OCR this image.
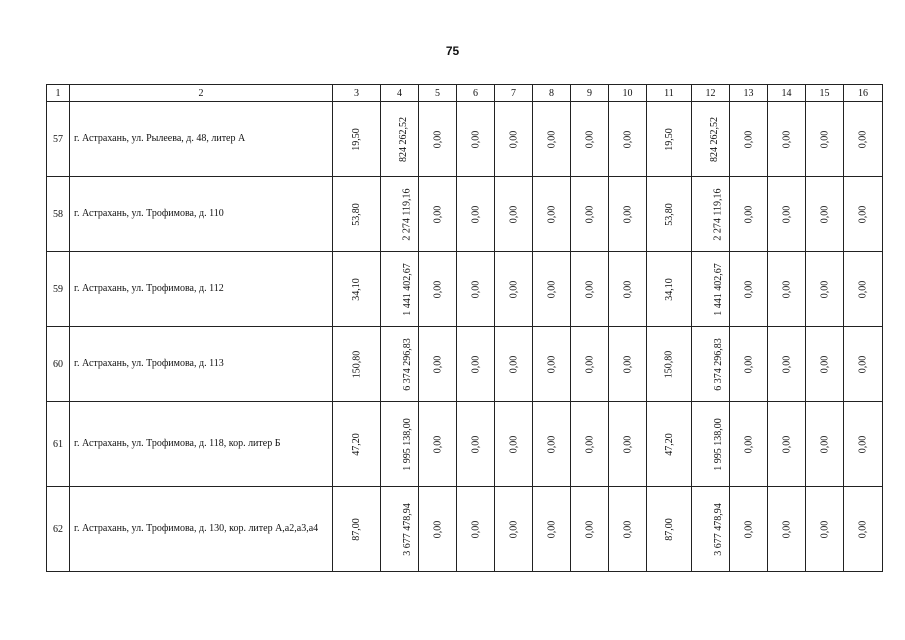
75
1	2	3	4	5	6	7	8	9	10	11	12	13	14	15	16
57	г. Астрахань, ул. Рылеева, д. 48, литер А	19,50	824 262,52	0,00	0,00	0,00	0,00	0,00	0,00	19,50	824 262,52	0,00	0,00	0,00	0,00
58	г. Астрахань, ул. Трофимова, д. 110	53,80	2 274 119,16	0,00	0,00	0,00	0,00	0,00	0,00	53,80	2 274 119,16	0,00	0,00	0,00	0,00
59	г. Астрахань, ул. Трофимова, д. 112	34,10	1 441 402,67	0,00	0,00	0,00	0,00	0,00	0,00	34,10	1 441 402,67	0,00	0,00	0,00	0,00
60	г. Астрахань, ул. Трофимова, д. 113	150,80	6 374 296,83	0,00	0,00	0,00	0,00	0,00	0,00	150,80	6 374 296,83	0,00	0,00	0,00	0,00
61	г. Астрахань, ул. Трофимова, д. 118, кор. литер Б	47,20	1 995 138,00	0,00	0,00	0,00	0,00	0,00	0,00	47,20	1 995 138,00	0,00	0,00	0,00	0,00
62	г. Астрахань, ул. Трофимова, д. 130, кор. литер А,а2,а3,а4	87,00	3 677 478,94	0,00	0,00	0,00	0,00	0,00	0,00	87,00	3 677 478,94	0,00	0,00	0,00	0,00
